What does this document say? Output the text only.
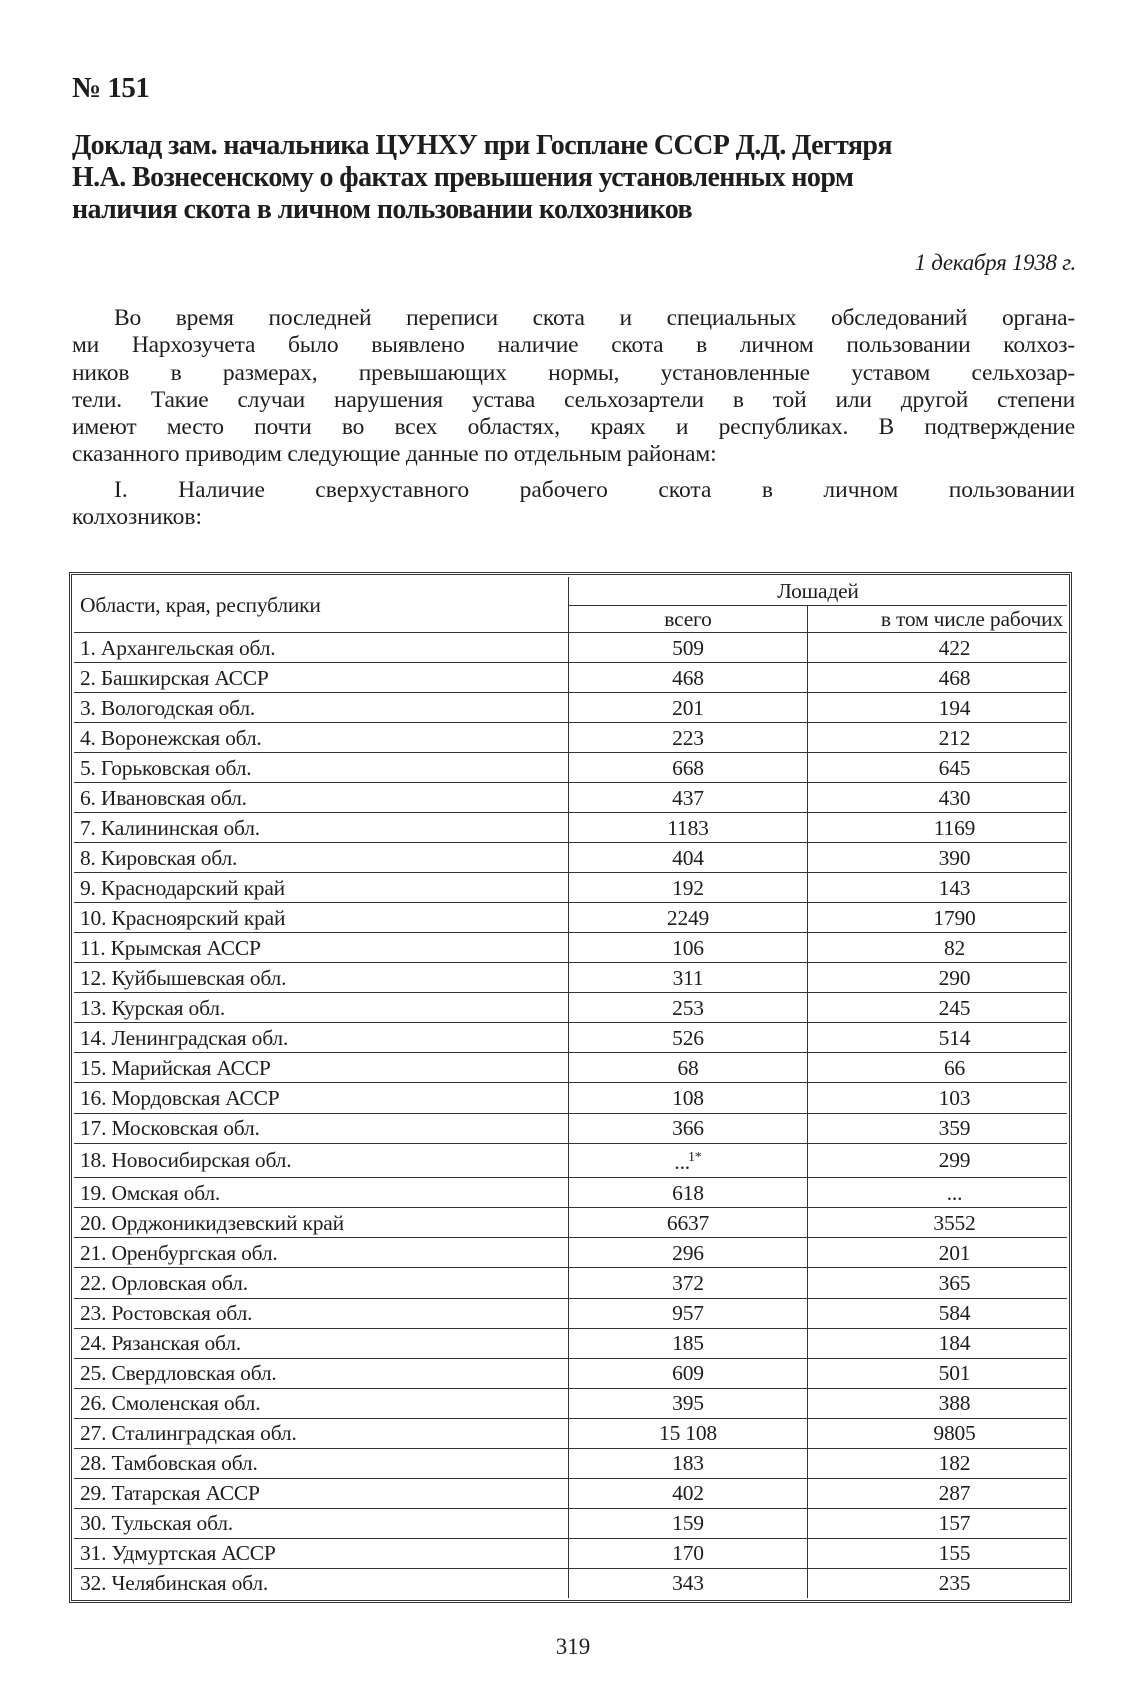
№ 151
Доклад зам. начальника ЦУНХУ при Госплане СССР Д.Д. Дегтяря
Н.А. Вознесенскому о фактах превышения установленных норм
наличия скота в личном пользовании колхозников
1 декабря 1938 г.
Во время последней переписи скота и специальных обследований органа-
ми Нархозучета было выявлено наличие скота в личном пользовании колхоз-
ников в размерах, превышающих нормы, установленные уставом сельхозар-
тели. Такие случаи нарушения устава сельхозартели в той или другой степени
имеют место почти во всех областях, краях и республиках. В подтверждение
сказанного приводим следующие данные по отдельным районам:
I. Наличие сверхуставного рабочего скота в личном пользовании
колхозников:
Области, края, республики	Лошадей	
	всего	в том числе рабочих
1. Архангельская обл.	509	422
2. Башкирская АССР	468	468
3. Вологодская обл.	201	194
4. Воронежская обл.	223	212
5. Горьковская обл.	668	645
6. Ивановская обл.	437	430
7. Калининская обл.	1183	1169
8. Кировская обл.	404	390
9. Краснодарский край	192	143
10. Красноярский край	2249	1790
11. Крымская АССР	106	82
12. Куйбышевская обл.	311	290
13. Курская обл.	253	245
14. Ленинградская обл.	526	514
15. Марийская АССР	68	66
16. Мордовская АССР	108	103
17. Московская обл.	366	359
18. Новосибирская обл.	...$^{1*}$	299
19. Омская обл.	618	...
20. Орджоникидзевский край	6637	3552
21. Оренбургская обл.	296	201
22. Орловская обл.	372	365
23. Ростовская обл.	957	584
24. Рязанская обл.	185	184
25. Свердловская обл.	609	501
26. Смоленская обл.	395	388
27. Сталинградская обл.	15 108	9805
28. Тамбовская обл.	183	182
29. Татарская АССР	402	287
30. Тульская обл.	159	157
31. Удмуртская АССР	170	155
32. Челябинская обл.	343	235
319
